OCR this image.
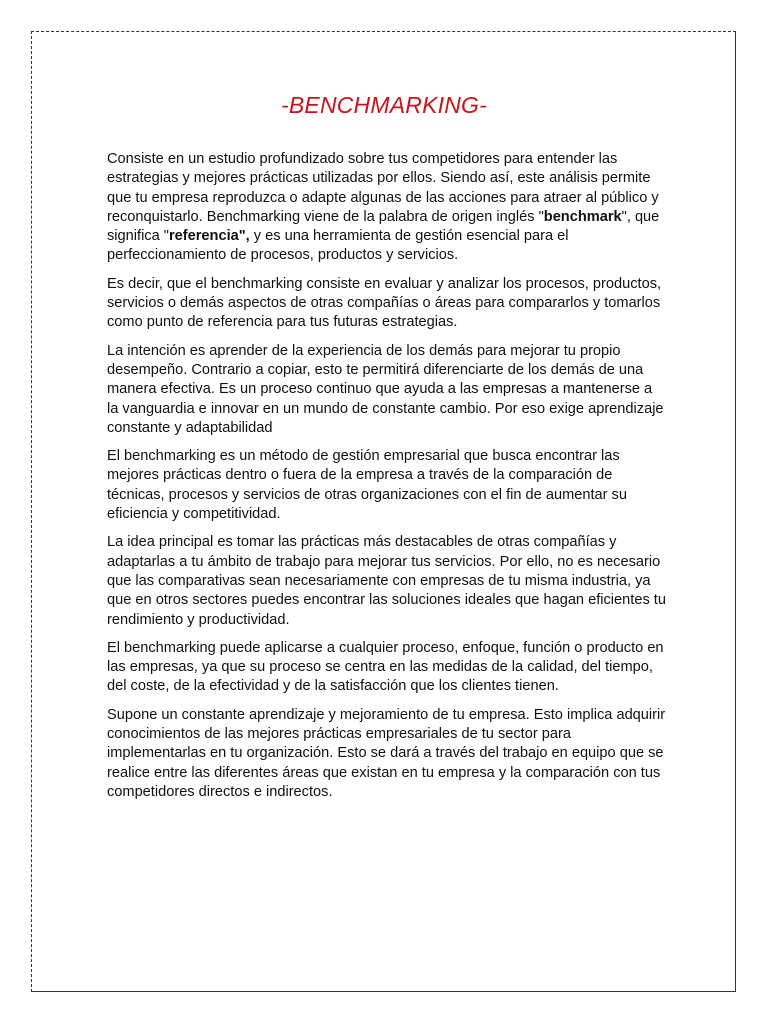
-BENCHMARKING-

Consiste en un estudio profundizado sobre tus competidores para entender las estrategias y mejores prácticas utilizadas por ellos. Siendo así, este análisis permite que tu empresa reproduzca o adapte algunas de las acciones para atraer al público y reconquistarlo. Benchmarking viene de la palabra de origen inglés "benchmark", que significa "referencia", y es una herramienta de gestión esencial para el perfeccionamiento de procesos, productos y servicios.

Es decir, que el benchmarking consiste en evaluar y analizar los procesos, productos, servicios o demás aspectos de otras compañías o áreas para compararlos y tomarlos como punto de referencia para tus futuras estrategias.

La intención es aprender de la experiencia de los demás para mejorar tu propio desempeño. Contrario a copiar, esto te permitirá diferenciarte de los demás de una manera efectiva. Es un proceso continuo que ayuda a las empresas a mantenerse a la vanguardia e innovar en un mundo de constante cambio. Por eso exige aprendizaje constante y adaptabilidad

El benchmarking es un método de gestión empresarial que busca encontrar las mejores prácticas dentro o fuera de la empresa a través de la comparación de técnicas, procesos y servicios de otras organizaciones con el fin de aumentar su eficiencia y competitividad.

La idea principal es tomar las prácticas más destacables de otras compañías y adaptarlas a tu ámbito de trabajo para mejorar tus servicios. Por ello, no es necesario que las comparativas sean necesariamente con empresas de tu misma industria, ya que en otros sectores puedes encontrar las soluciones ideales que hagan eficientes tu rendimiento y productividad.

El benchmarking puede aplicarse a cualquier proceso, enfoque, función o producto en las empresas, ya que su proceso se centra en las medidas de la calidad, del tiempo, del coste, de la efectividad y de la satisfacción que los clientes tienen.

Supone un constante aprendizaje y mejoramiento de tu empresa. Esto implica adquirir conocimientos de las mejores prácticas empresariales de tu sector para implementarlas en tu organización. Esto se dará a través del trabajo en equipo que se realice entre las diferentes áreas que existan en tu empresa y la comparación con tus competidores directos e indirectos.
